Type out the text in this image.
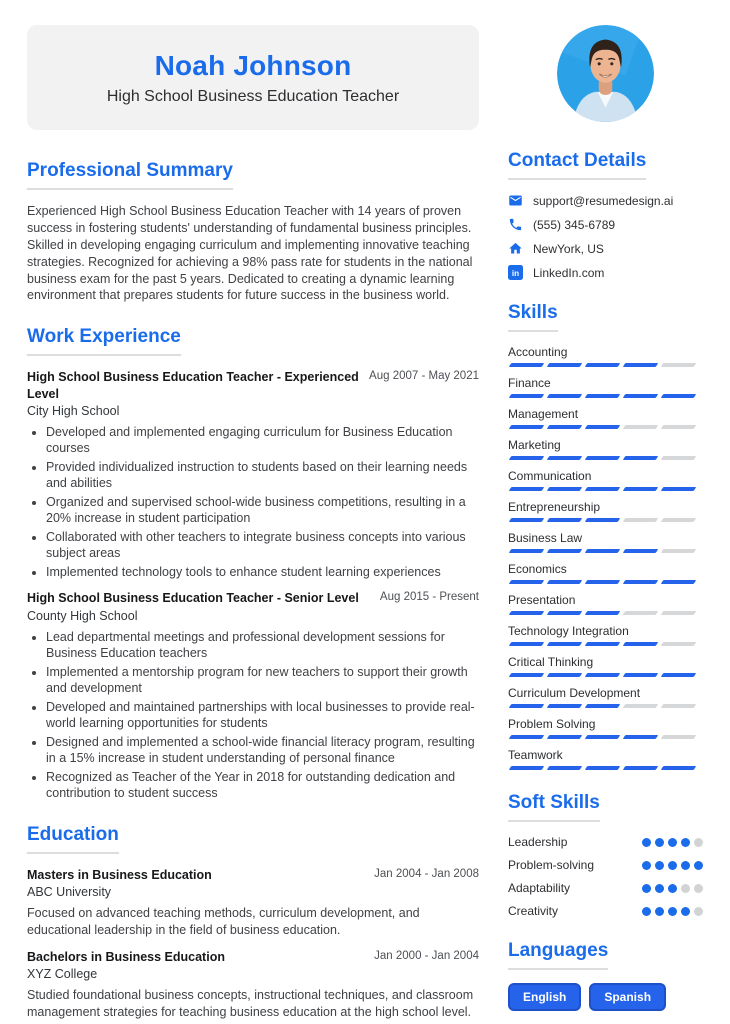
Noah Johnson
High School Business Education Teacher
Professional Summary

Experienced High School Business Education Teacher with 14 years of proven success in fostering students' understanding of fundamental business principles. Skilled in developing engaging curriculum and implementing innovative teaching strategies. Recognized for achieving a 98% pass rate for students in the national business exam for the past 5 years. Dedicated to creating a dynamic learning environment that prepares students for future success in the business world.

Work Experience
High School Business Education Teacher - Experienced Level
Aug 2007 - May 2021
City High School
• Developed and implemented engaging curriculum for Business Education courses
• Provided individualized instruction to students based on their learning needs and abilities
• Organized and supervised school-wide business competitions, resulting in a 20% increase in student participation
• Collaborated with other teachers to integrate business concepts into various subject areas
• Implemented technology tools to enhance student learning experiences
High School Business Education Teacher - Senior Level Aug 2015 - Present
County High School
• Lead departmental meetings and professional development sessions for Business Education teachers
• Implemented a mentorship program for new teachers to support their growth and development
• Developed and maintained partnerships with local businesses to provide real-world learning opportunities for students
• Designed and implemented a school-wide financial literacy program, resulting in a 15% increase in student understanding of personal finance
• Recognized as Teacher of the Year in 2018 for outstanding dedication and contribution to student success
Education
Masters in Business Education	Jan 2004 - Jan 2008
ABC University

Focused on advanced teaching methods, curriculum development, and educational leadership in the field of business education.

Bachelors in Business Education	Jan 2000 - Jan 2004
XYZ College

Studied foundational business concepts, instructional techniques, and classroom management strategies for teaching business education at the high school level.

Contact Details
support@resumedesign.ai
(555) 345-6789
NewYork, US
in LinkedIn.com
Skills
Accounting
Finance
Management
Marketing
Communication
Entrepreneurship
Business Law
Economics
Presentation
Technology Integration
Critical Thinking
Curriculum Development
Problem Solving
Teamwork
Soft Skills
Leadership
Problem-solving
Adaptability
Creativity
Languages
English	Spanish
